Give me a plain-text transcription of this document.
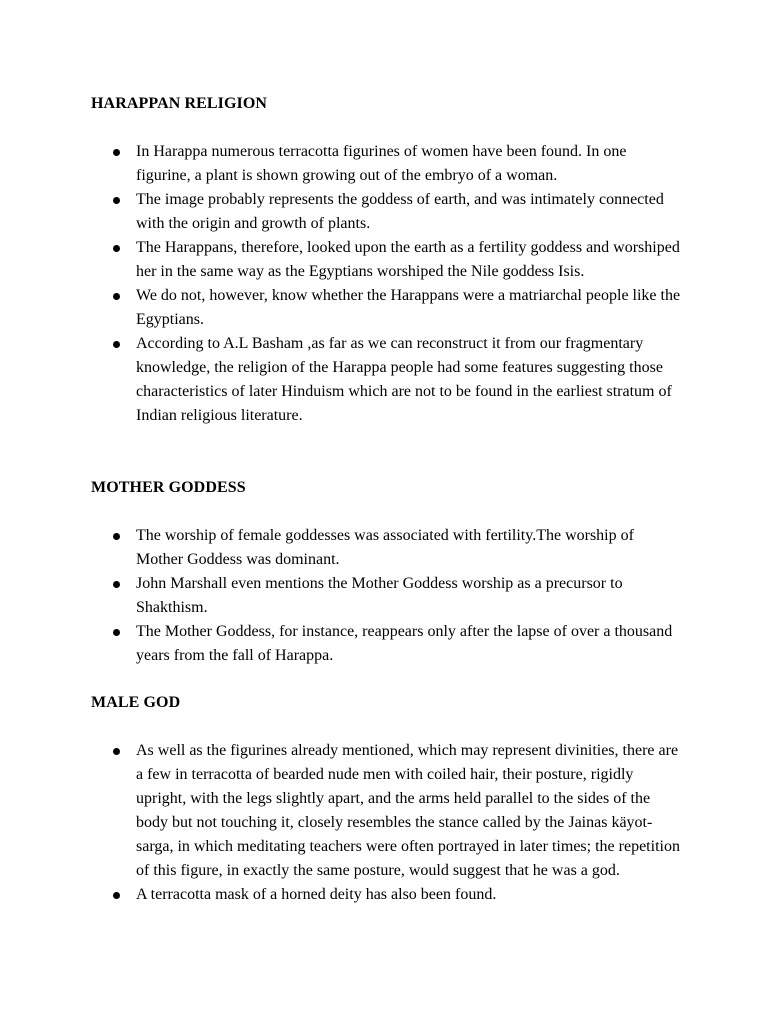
HARAPPAN RELIGION
In Harappa numerous terracotta figurines of women have been found. In one figurine, a plant is shown growing out of the embryo of a woman.
The image probably represents the goddess of earth, and was intimately connected with the origin and growth of plants.
The Harappans, therefore, looked upon the earth as a fertility goddess and worshiped her in the same way as the Egyptians worshiped the Nile goddess Isis.
We do not, however, know whether the Harappans were a matriarchal people like the Egyptians.
According to A.L Basham ,as far as we can reconstruct it from our fragmentary knowledge, the religion of the Harappa people had some features suggesting those characteristics of later Hinduism which are not to be found in the earliest stratum of Indian religious literature.
MOTHER GODDESS
The worship of female goddesses was associated with fertility.The worship of Mother Goddess was dominant.
John Marshall even mentions the Mother Goddess worship as a precursor to Shakthism.
The Mother Goddess, for instance, reappears only after the lapse of over a thousand years from the fall of Harappa.
MALE GOD
As well as the figurines already mentioned, which may represent divinities, there are a few in terracotta of bearded nude men with coiled hair, their posture, rigidly upright, with the legs slightly apart, and the arms held parallel to the sides of the body but not touching it, closely resembles the stance called by the Jainas käyot-sarga, in which meditating teachers were often portrayed in later times; the repetition of this figure, in exactly the same posture, would suggest that he was a god.
A terracotta mask of a horned deity has also been found.
